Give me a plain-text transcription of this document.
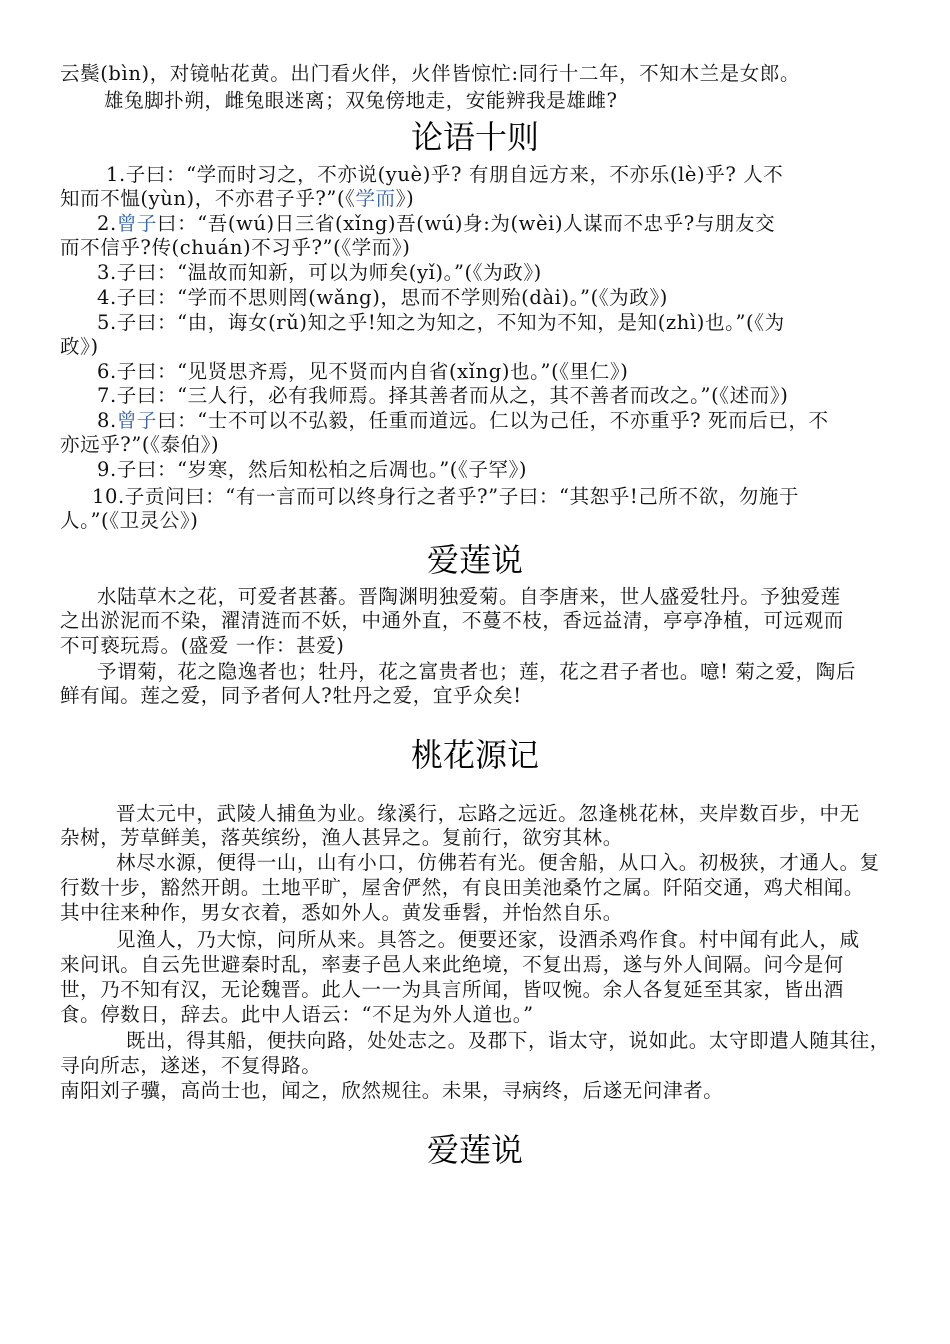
云鬓(bìn)，对镜帖花黄。出门看火伴，火伴皆惊忙:同行十二年，不知木兰是女郎。
雄兔脚扑朔，雌兔眼迷离；双兔傍地走，安能辨我是雄雌?
论语十则
1.子曰：“学而时习之，不亦说(yuè)乎? 有朋自远方来，不亦乐(lè)乎? 人不
知而不愠(yùn)，不亦君子乎?”(《学而》)
2.曾子曰：“吾(wú)日三省(xǐng)吾(wú)身:为(wèi)人谋而不忠乎?与朋友交
而不信乎?传(chuán)不习乎?”(《学而》)
3.子曰：“温故而知新，可以为师矣(yǐ)。”(《为政》)
4.子曰：“学而不思则罔(wǎng)，思而不学则殆(dài)。”(《为政》)
5.子曰：“由，诲女(rǔ)知之乎!知之为知之，不知为不知，是知(zhì)也。”(《为
政》)
6.子曰：“见贤思齐焉，见不贤而内自省(xǐng)也。”(《里仁》)
7.子曰：“三人行，必有我师焉。择其善者而从之，其不善者而改之。”(《述而》)
8.曾子曰：“士不可以不弘毅，任重而道远。仁以为己任，不亦重乎? 死而后已，不
亦远乎?”(《泰伯》)
9.子曰：“岁寒，然后知松柏之后凋也。”(《子罕》)
10.子贡问曰：“有一言而可以终身行之者乎?”子曰：“其恕乎!己所不欲，勿施于
人。”(《卫灵公》)
爱莲说
水陆草木之花，可爱者甚蕃。晋陶渊明独爱菊。自李唐来，世人盛爱牡丹。予独爱莲
之出淤泥而不染，濯清涟而不妖，中通外直，不蔓不枝，香远益清，亭亭净植，可远观而
不可亵玩焉。(盛爱 一作：甚爱)
予谓菊，花之隐逸者也；牡丹，花之富贵者也；莲，花之君子者也。噫! 菊之爱，陶后
鲜有闻。莲之爱，同予者何人?牡丹之爱，宜乎众矣!
桃花源记
晋太元中，武陵人捕鱼为业。缘溪行，忘路之远近。忽逢桃花林，夹岸数百步，中无
杂树，芳草鲜美，落英缤纷，渔人甚异之。复前行，欲穷其林。
林尽水源，便得一山，山有小口，仿佛若有光。便舍船，从口入。初极狭，才通人。复
行数十步，豁然开朗。土地平旷，屋舍俨然，有良田美池桑竹之属。阡陌交通，鸡犬相闻。
其中往来种作，男女衣着，悉如外人。黄发垂髫，并怡然自乐。
见渔人，乃大惊，问所从来。具答之。便要还家，设酒杀鸡作食。村中闻有此人，咸
来问讯。自云先世避秦时乱，率妻子邑人来此绝境，不复出焉，遂与外人间隔。问今是何
世，乃不知有汉，无论魏晋。此人一一为具言所闻，皆叹惋。余人各复延至其家，皆出酒
食。停数日，辞去。此中人语云：“不足为外人道也。”
既出，得其船，便扶向路，处处志之。及郡下，诣太守，说如此。太守即遣人随其往，
寻向所志，遂迷，不复得路。
南阳刘子骥，高尚士也，闻之，欣然规往。未果，寻病终，后遂无问津者。
爱莲说
